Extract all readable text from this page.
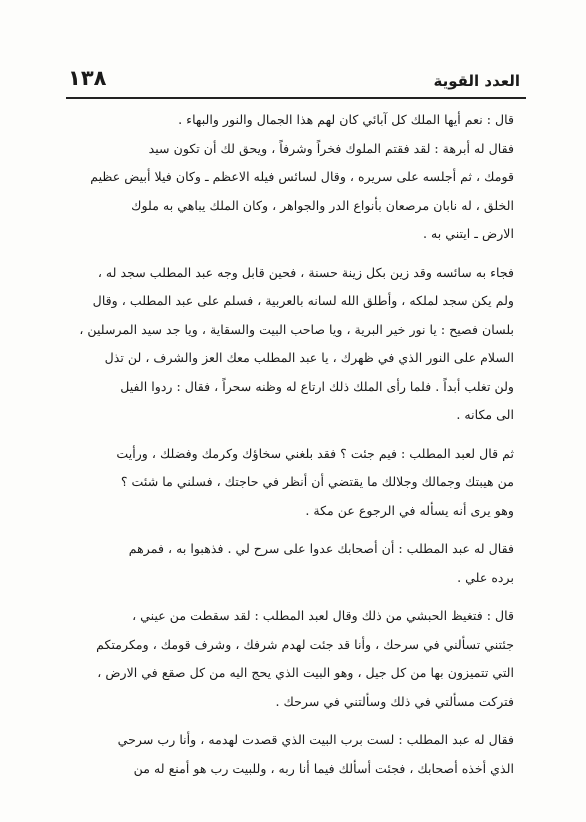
العدد القوية
١٣٨

قال : نعم أيها الملك كل آبائي كان لهم هذا الجمال والنور والبهاء .
فقال له أبرهة : لقد فقتم الملوك فخراً وشرفاً ، ويحق لك أن تكون سيد
قومك ، ثم أجلسه على سريره ، وقال لسائس فيله الاعظم ـ وكان فيلا أبيض عظيم
الخلق ، له نابان مرصعان بأنواع الدر والجواهر ، وكان الملك يباهي به ملوك
الارض ـ ايتني به .

فجاء به سائسه وقد زين بكل زينة حسنة ، فحين قابل وجه عبد المطلب سجد له ،
ولم يكن سجد لملكه ، وأطلق الله لسانه بالعربية ، فسلم على عبد المطلب ، وقال
بلسان فصيح : يا نور خير البرية ، ويا صاحب البيت والسقاية ، ويا جد سيد المرسلين ،
السلام على النور الذي في ظهرك ، يا عبد المطلب معك العز والشرف ، لن تذل
ولن تغلب أبداً . فلما رأى الملك ذلك ارتاع له وظنه سحراً ، فقال : ردوا الفيل
الى مكانه .

ثم قال لعبد المطلب : فيم جئت ؟ فقد بلغني سخاؤك وكرمك وفضلك ، ورأيت
من هيبتك وجمالك وجلالك ما يقتضي أن أنظر في حاجتك ، فسلني ما شئت ؟
وهو يرى أنه يسأله في الرجوع عن مكة .

فقال له عبد المطلب : أن أصحابك عدوا على سرح لي . فذهبوا به ، فمرهم
برده علي .

قال : فتغيظ الحبشي من ذلك وقال لعبد المطلب : لقد سقطت من عيني ،
جئتني تسألني في سرحك ، وأنا قد جئت لهدم شرفك ، وشرف قومك ، ومكرمتكم
التي تتميزون بها من كل جيل ، وهو البيت الذي يحج اليه من كل صقع في الارض ،
فتركت مسألتي في ذلك وسألتني في سرحك .

فقال له عبد المطلب : لست برب البيت الذي قصدت لهدمه ، وأنا رب سرحي
الذي أخذه أصحابك ، فجئت أسألك فيما أنا ربه ، وللبيت رب هو أمنع له من
